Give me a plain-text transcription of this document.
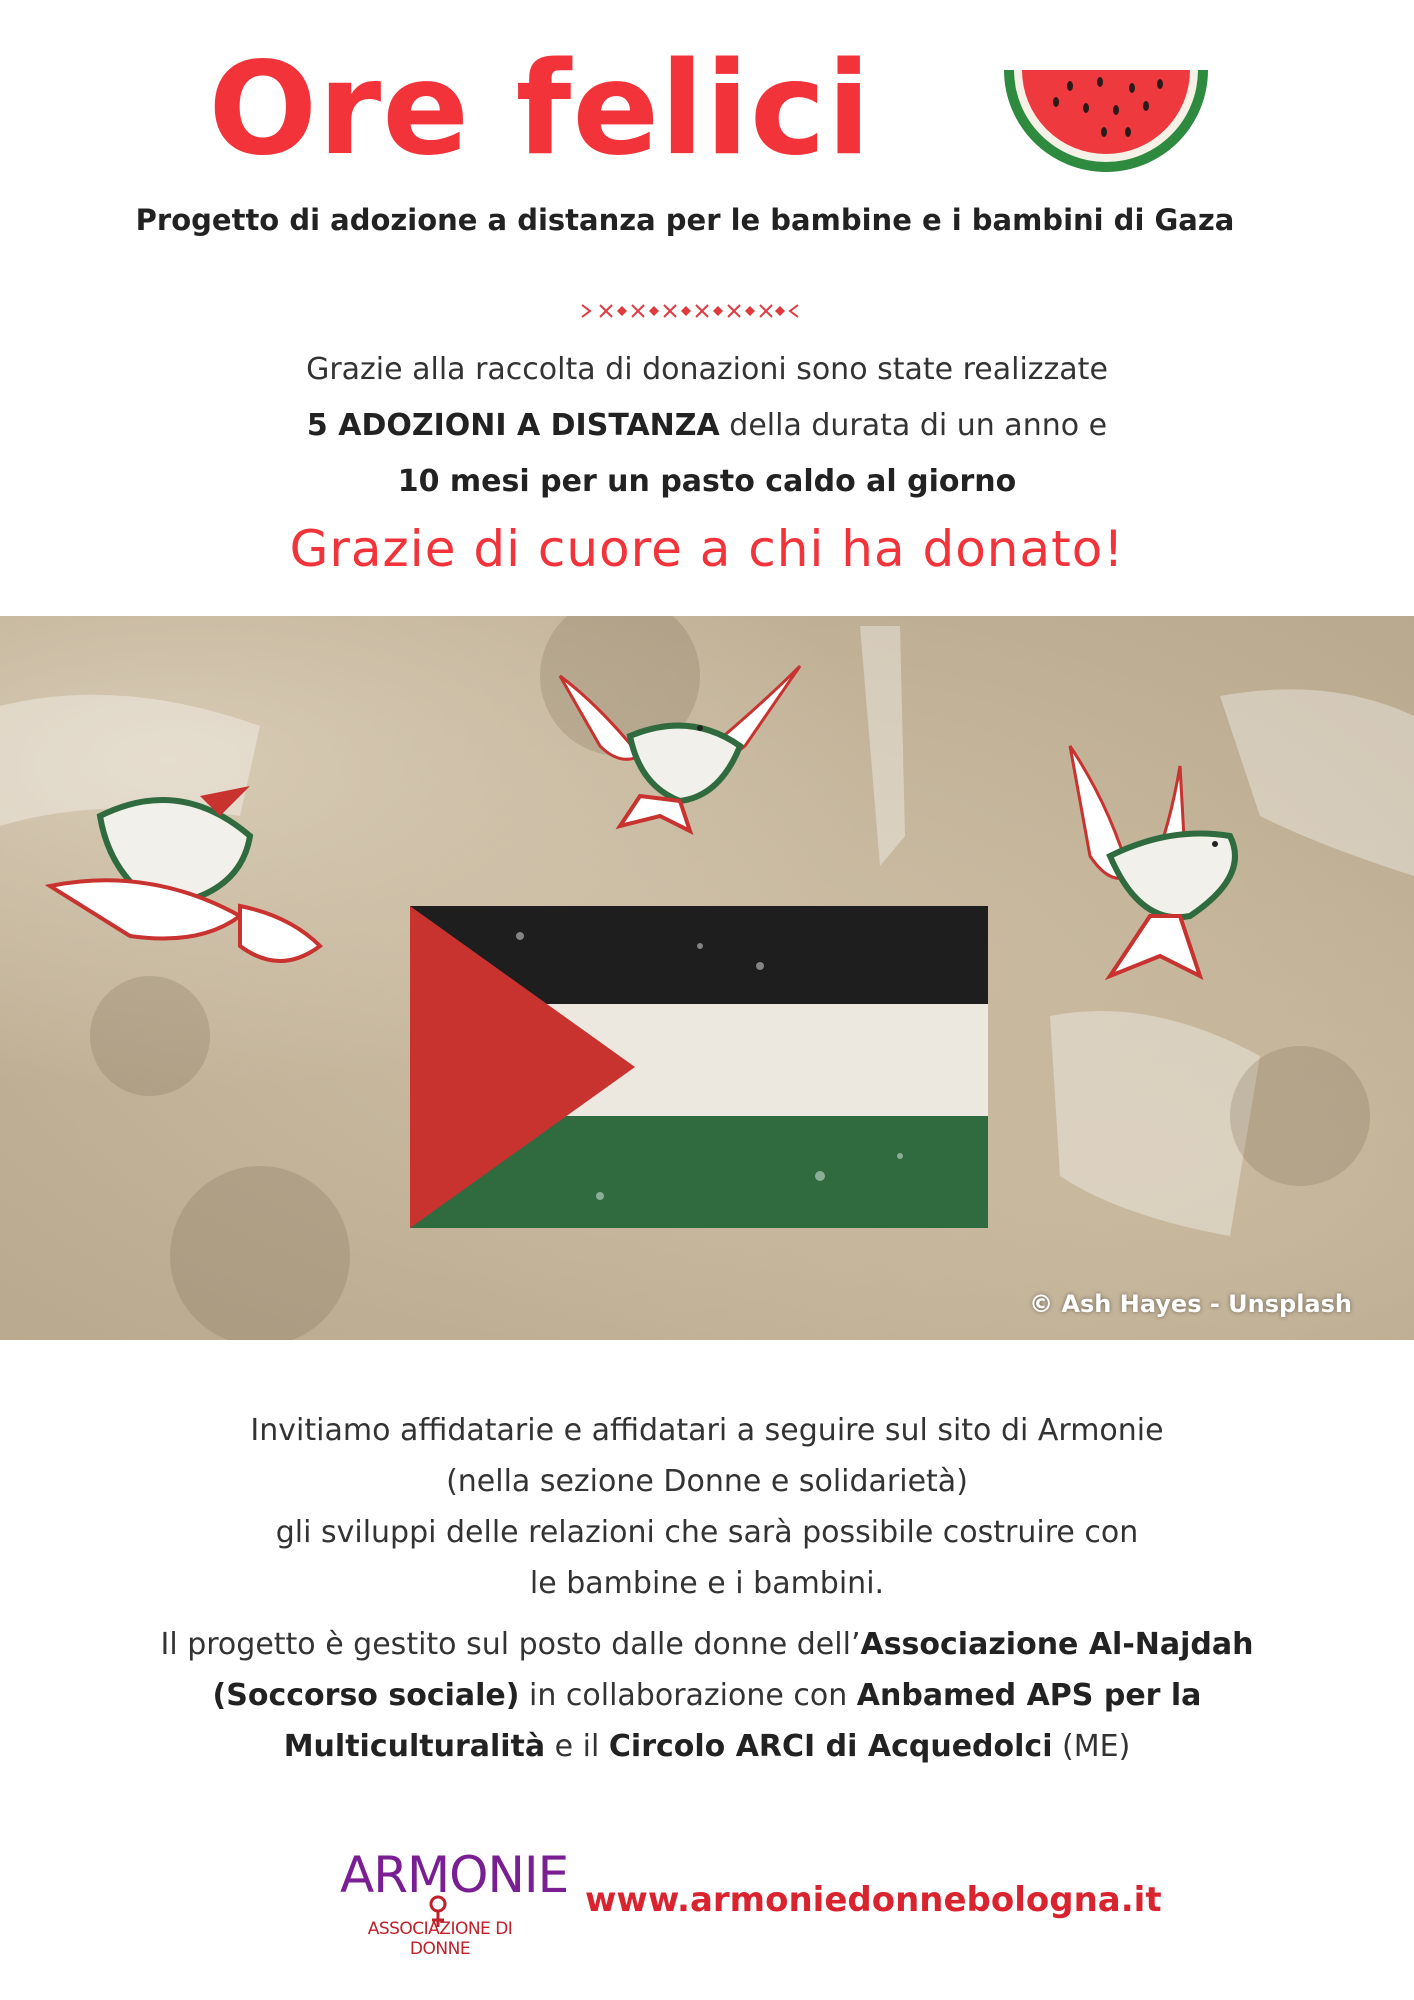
Ore felici
Progetto di adozione a distanza per le bambine e i bambini di Gaza

Grazie alla raccolta di donazioni sono state realizzate

5 ADOZIONI A DISTANZA della durata di un anno e

10 mesi per un pasto caldo al giorno

Grazie di cuore a chi ha donato!
© Ash Hayes - Unsplash

Invitiamo affidatarie e affidatari a seguire sul sito di Armonie

(nella sezione Donne e solidarietà)

gli sviluppi delle relazioni che sarà possibile costruire con

le bambine e i bambini.

Il progetto è gestito sul posto dalle donne dell’Associazione Al-Najdah

(Soccorso sociale) in collaborazione con Anbamed APS per la

Multiculturalità e il Circolo ARCI di Acquedolci (ME)

ARMONIE
ASSOCIAZIONE DI DONNE
www.armoniedonnebologna.it
